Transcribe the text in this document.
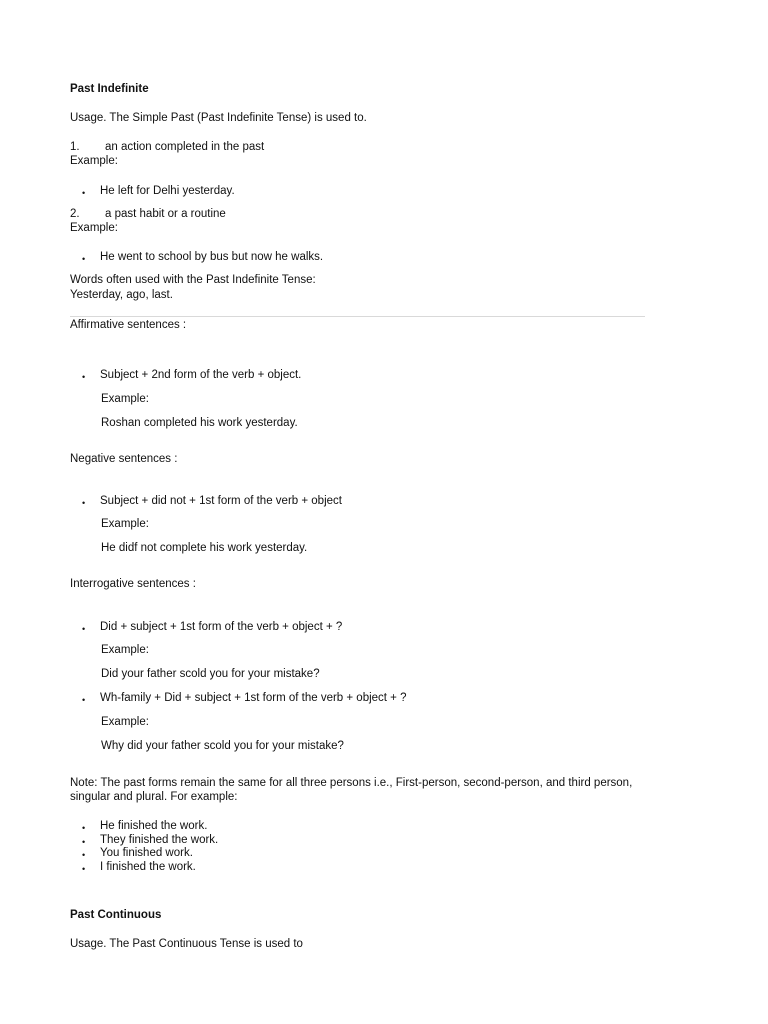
Past Indefinite
Usage. The Simple Past (Past Indefinite Tense) is used to.
1. an action completed in the past
Example:
• He left for Delhi yesterday.
2. a past habit or a routine
Example:
• He went to school by bus but now he walks.
Words often used with the Past Indefinite Tense:
Yesterday, ago, last.
Affirmative sentences :
• Subject + 2nd form of the verb + object.
Example:
Roshan completed his work yesterday.
Negative sentences :
• Subject + did not + 1st form of the verb + object
Example:
He didf not complete his work yesterday.
Interrogative sentences :
• Did + subject + 1st form of the verb + object + ?
Example:
Did your father scold you for your mistake?
• Wh-family + Did + subject + 1st form of the verb + object + ?
Example:
Why did your father scold you for your mistake?
Note: The past forms remain the same for all three persons i.e., First-person, second-person, and third person,
singular and plural. For example:
• He finished the work.
• They finished the work.
• You finished work.
• I finished the work.
Past Continuous
Usage. The Past Continuous Tense is used to
